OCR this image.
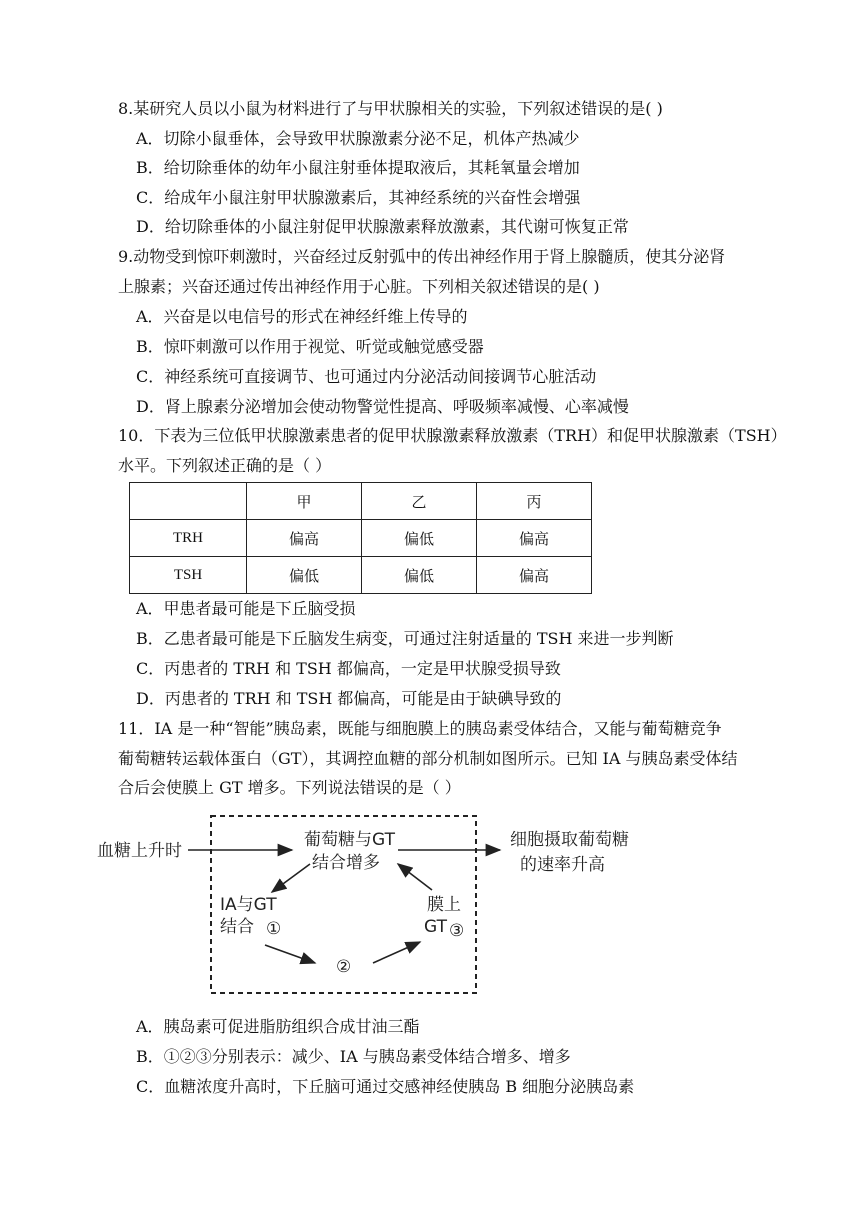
8.某研究人员以小鼠为材料进行了与甲状腺相关的实验，下列叙述错误的是( )
A．切除小鼠垂体，会导致甲状腺激素分泌不足，机体产热减少
B．给切除垂体的幼年小鼠注射垂体提取液后，其耗氧量会增加
C．给成年小鼠注射甲状腺激素后，其神经系统的兴奋性会增强
D．给切除垂体的小鼠注射促甲状腺激素释放激素，其代谢可恢复正常
9.动物受到惊吓刺激时，兴奋经过反射弧中的传出神经作用于肾上腺髓质，使其分泌肾
上腺素；兴奋还通过传出神经作用于心脏。下列相关叙述错误的是( )
A．兴奋是以电信号的形式在神经纤维上传导的
B．惊吓刺激可以作用于视觉、听觉或触觉感受器
C．神经系统可直接调节、也可通过内分泌活动间接调节心脏活动
D．肾上腺素分泌增加会使动物警觉性提高、呼吸频率减慢、心率减慢
10．下表为三位低甲状腺激素患者的促甲状腺激素释放激素（TRH）和促甲状腺激素（TSH）
水平。下列叙述正确的是（ ）
	甲	乙	丙
TRH	偏高	偏低	偏高
TSH	偏低	偏低	偏高
A．甲患者最可能是下丘脑受损
B．乙患者最可能是下丘脑发生病变，可通过注射适量的 TSH 来进一步判断
C．丙患者的 TRH 和 TSH 都偏高，一定是甲状腺受损导致
D．丙患者的 TRH 和 TSH 都偏高，可能是由于缺碘导致的
11．IA 是一种“智能”胰岛素，既能与细胞膜上的胰岛素受体结合，又能与葡萄糖竞争
葡萄糖转运载体蛋白（GT），其调控血糖的部分机制如图所示。已知 IA 与胰岛素受体结
合后会使膜上 GT 增多。下列说法错误的是（ ）
血糖上升时
葡萄糖与GT
结合增多
细胞摄取葡萄糖
的速率升高
IA与GT
结合 ①
②
膜上
GT ③
A．胰岛素可促进脂肪组织合成甘油三酯
B．①②③分别表示：减少、IA 与胰岛素受体结合增多、增多
C．血糖浓度升高时，下丘脑可通过交感神经使胰岛 B 细胞分泌胰岛素
